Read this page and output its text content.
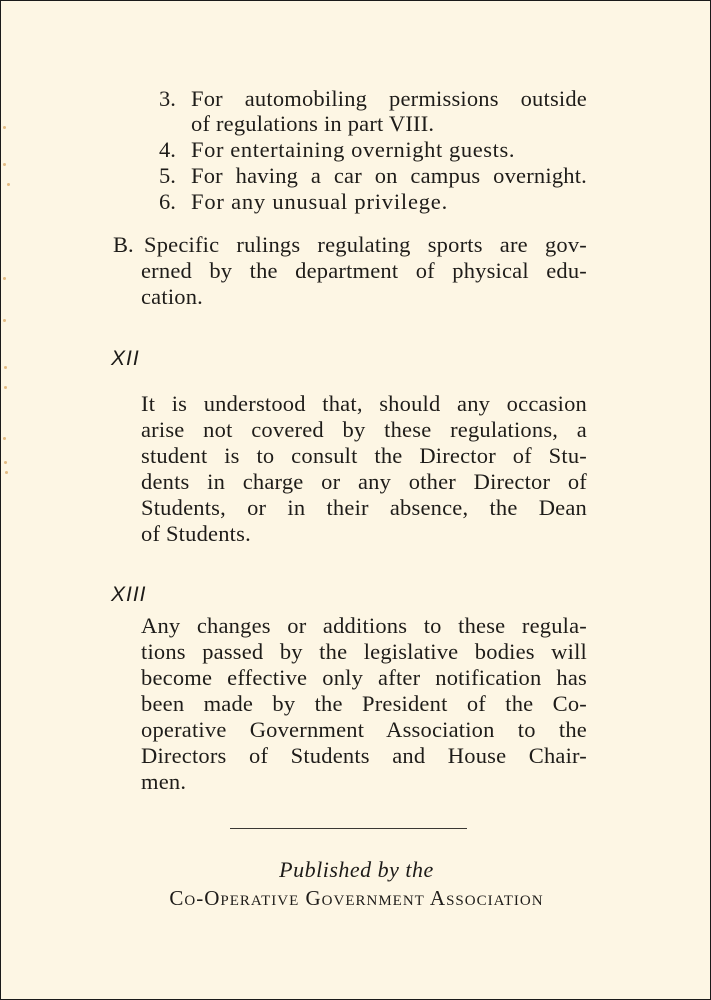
3. For automobiling permissions outside
of regulations in part VIII.
4. For entertaining overnight guests.
5. For having a car on campus overnight.
6. For any unusual privilege.
B. Specific rulings regulating sports are gov-
erned by the department of physical edu-
cation.
XII
It is understood that, should any occasion
arise not covered by these regulations, a
student is to consult the Director of Stu-
dents in charge or any other Director of
Students, or in their absence, the Dean
of Students.
XIII
Any changes or additions to these regula-
tions passed by the legislative bodies will
become effective only after notification has
been made by the President of the Co-
operative Government Association to the
Directors of Students and House Chair-
men.
Published by the
Co-Operative Government Association
